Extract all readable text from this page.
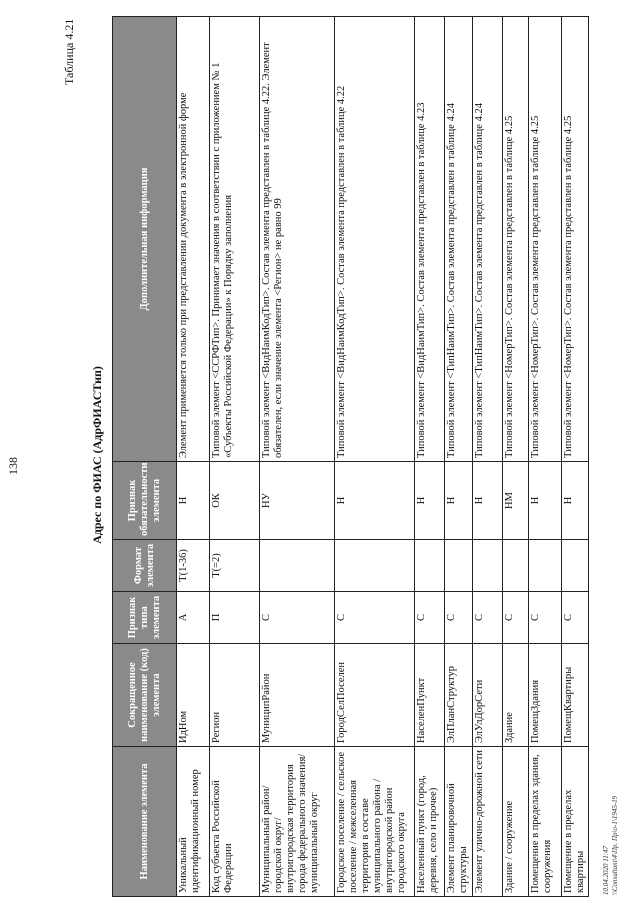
138
Таблица 4.21
Адрес по ФИАС (АдрФИАСТип)
Наименование элемента	Сокращенное наименование (код) элемента	Признак типа элемента	Формат элемента	Признак обязательности элемента	Дополнительная информация
Уникальный идентификационный номер	ИдНом	А	T(1-36)	Н	Элемент применяется только при представлении документа в электронной форме
Код субъекта Российской Федерации	Регион	П	T(=2)	ОК	Типовой элемент <ССРФТип>. Принимает значения в соответствии с приложением № 1 «Субъекты Российской Федерации» к Порядку заполнения
Муниципальный район/ городской округ/ внутригородская территория города федерального значения/ муниципальный округ	МуниципРайон	С		НУ	Типовой элемент <ВидНаимКодТип>. Состав элемента представлен в таблице 4.22. Элемент обязателен, если значение элемента <Регион> не равно 99
Городское поселение / сельское поселение / межселенная территория в составе муниципального района / внутригородской район городского округа	ГородСелПоселен	С		Н	Типовой элемент <ВидНаимКодТип>. Состав элемента представлен в таблице 4.22
Населенный пункт (город, деревня, село и прочее)	НаселенПункт	С		Н	Типовой элемент <ВидНаимТип>. Состав элемента представлен в таблице 4.23
Элемент планировочной структуры	ЭлПланСтруктур	С		Н	Типовой элемент <ТипНаимТип>. Состав элемента представлен в таблице 4.24
Элемент улично-дорожной сети	ЭлУлДорСети	С		Н	Типовой элемент <ТипНаимТип>. Состав элемента представлен в таблице 4.24
Здание / сооружение	Здание	С		НМ	Типовой элемент <НомерТип>. Состав элемента представлен в таблице 4.25
Помещение в пределах здания, сооружения	ПомещЗдания	С		Н	Типовой элемент <НомерТип>. Состав элемента представлен в таблице 4.25
Помещение в пределах квартиры	ПомещКвартиры	С		Н	Типовой элемент <НомерТип>. Состав элемента представлен в таблице 4.25
10.04.2020 11:47 \\Consultant\4\Пр. Пр\о-1\1945-19
